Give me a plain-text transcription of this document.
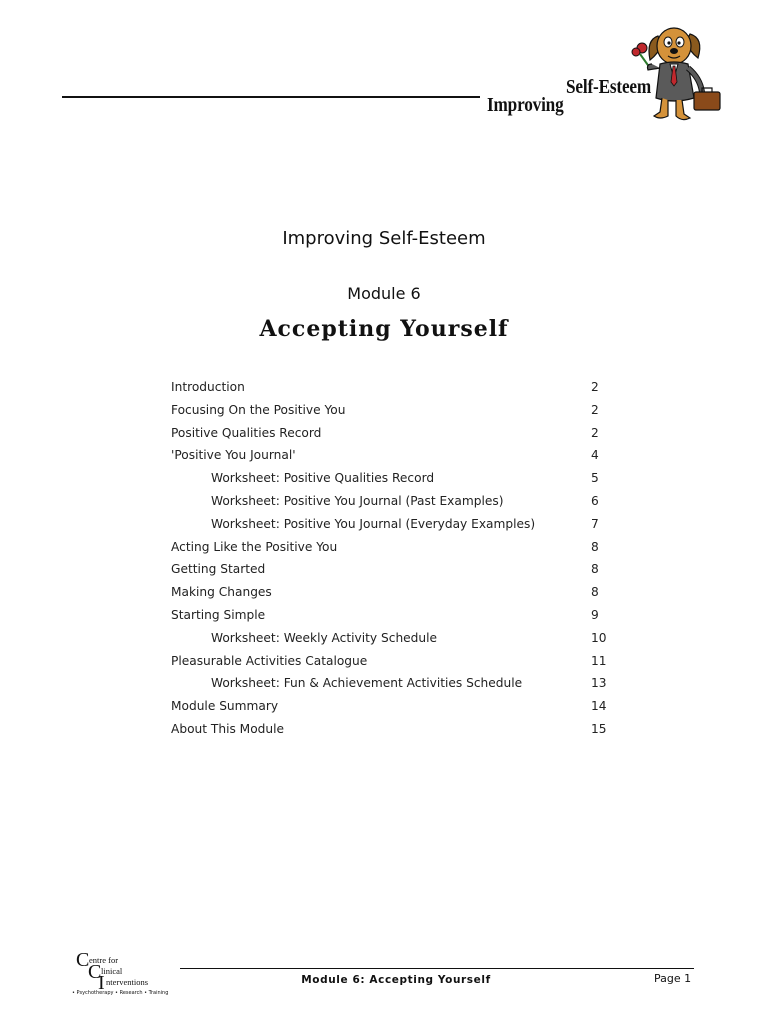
Self-Esteem
Improving
Improving Self-Esteem
Module 6
Accepting Yourself
Introduction	2
Focusing On the Positive You	2
Positive Qualities Record	2
'Positive You Journal'	4
Worksheet: Positive Qualities Record	5
Worksheet: Positive You Journal (Past Examples)	6
Worksheet: Positive You Journal (Everyday Examples)	7
Acting Like the Positive You	8
Getting Started	8
Making Changes	8
Starting Simple	9
Worksheet: Weekly Activity Schedule	10
Pleasurable Activities Catalogue	11
Worksheet: Fun & Achievement Activities Schedule	13
Module Summary	14
About This Module	15
C entre for
C linical
I nterventions
• Psychotherapy • Research • Training
Module 6: Accepting Yourself	Page 1
